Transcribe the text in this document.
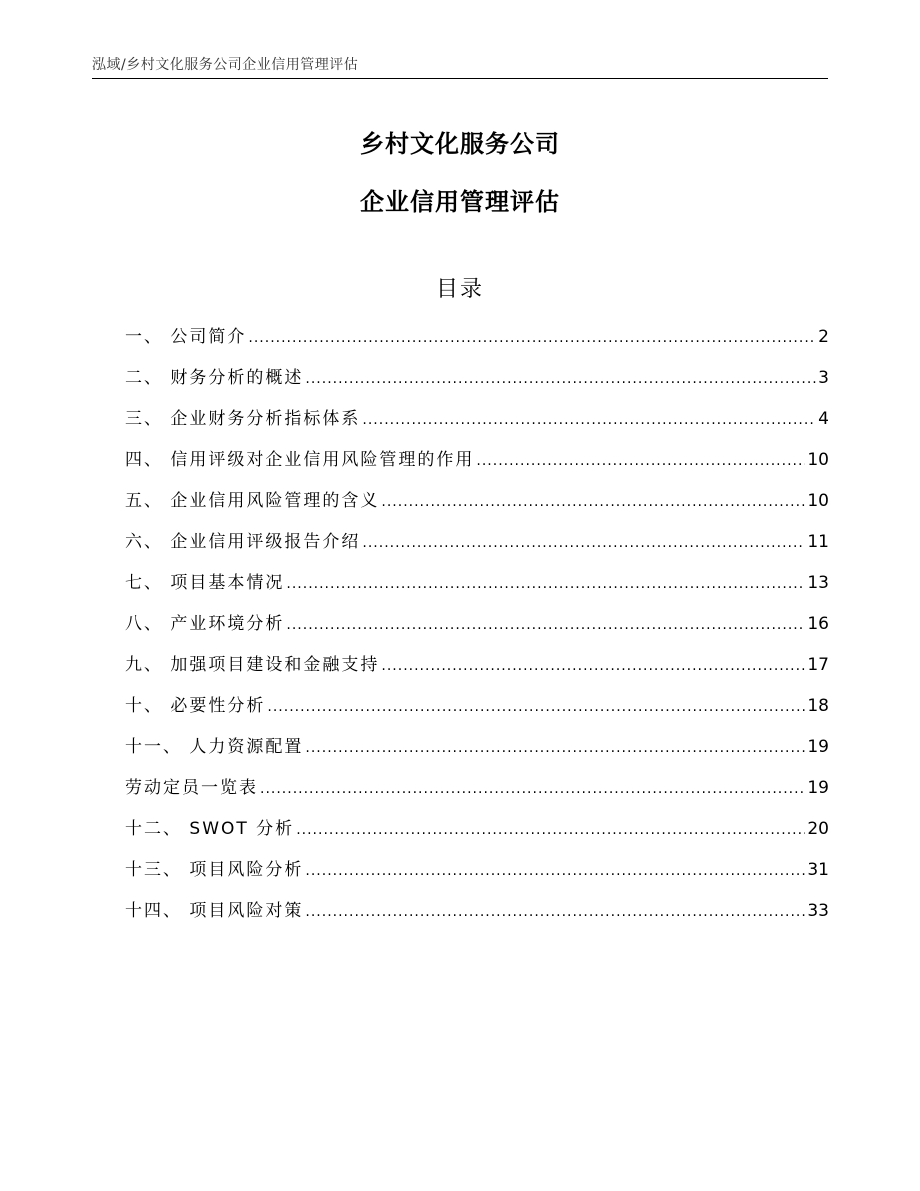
泓域/乡村文化服务公司企业信用管理评估
乡村文化服务公司
企业信用管理评估
目录
一、 公司简介 .....	2
二、 财务分析的概述 .....	3
三、 企业财务分析指标体系 .....	4
四、 信用评级对企业信用风险管理的作用 .....	10
五、 企业信用风险管理的含义 .....	10
六、 企业信用评级报告介绍 .....	11
七、 项目基本情况 .....	13
八、 产业环境分析 .....	16
九、 加强项目建设和金融支持 .....	17
十、 必要性分析 .....	18
十一、 人力资源配置 .....	19
劳动定员一览表 .....	19
十二、 SWOT 分析 .....	20
十三、 项目风险分析 .....	31
十四、 项目风险对策 .....	33
